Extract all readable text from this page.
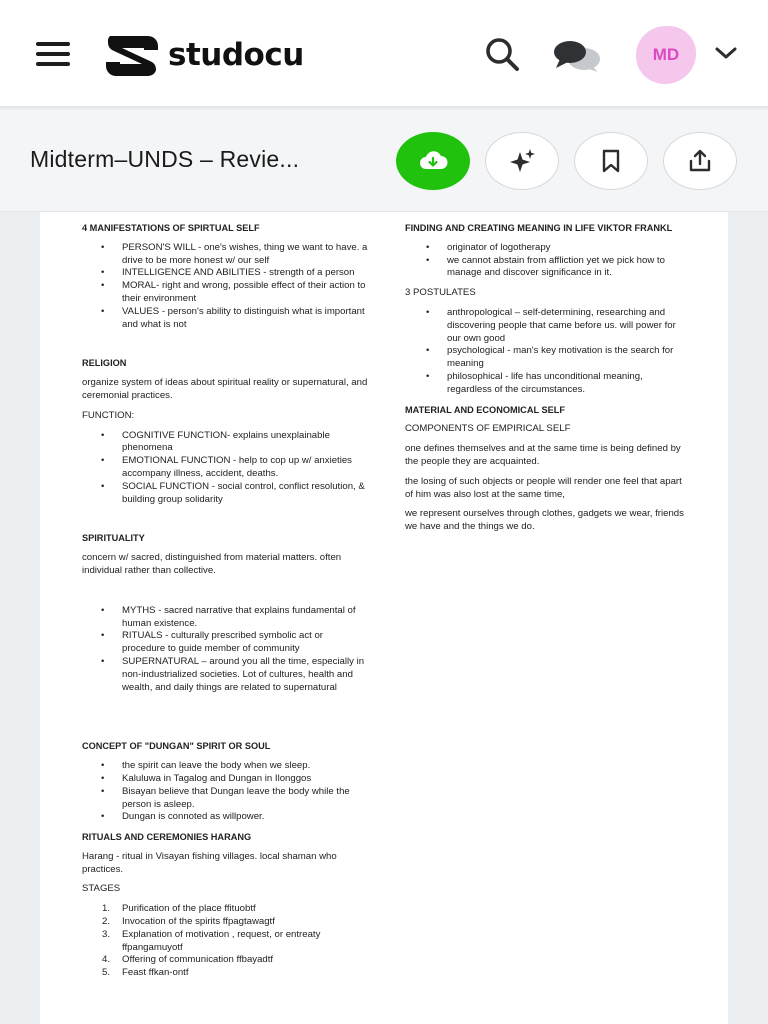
studocu	MD
Midterm–UNDS – Revie...
4 MANIFESTATIONS OF SPIRTUAL SELF
• PERSON'S WILL - one's wishes, thing we want to have. a drive to be more honest w/ our self
• INTELLIGENCE AND ABILITIES - strength of a person
• MORAL- right and wrong, possible effect of their action to their environment
• VALUES - person's ability to distinguish what is important and what is not
RELIGION
organize system of ideas about spiritual reality or supernatural, and ceremonial practices.
FUNCTION:
• COGNITIVE FUNCTION- explains unexplainable phenomena
• EMOTIONAL FUNCTION - help to cop up w/ anxieties accompany illness, accident, deaths.
• SOCIAL FUNCTION - social control, conflict resolution, & building group solidarity
SPIRITUALITY
concern w/ sacred, distinguished from material matters. often individual rather than collective.
• MYTHS - sacred narrative that explains fundamental of human existence.
• RITUALS - culturally prescribed symbolic act or procedure to guide member of community
• SUPERNATURAL – around you all the time, especially in non-industrialized societies. Lot of cultures, health and wealth, and daily things are related to supernatural
CONCEPT OF "DUNGAN" SPIRIT OR SOUL
• the spirit can leave the body when we sleep.
• Kaluluwa in Tagalog and Dungan in Ilonggos
• Bisayan believe that Dungan leave the body while the person is asleep.
• Dungan is connoted as willpower.
RITUALS AND CEREMONIES HARANG
Harang - ritual in Visayan fishing villages. local shaman who practices.
STAGES
1. Purification of the place ffituobtf
2. Invocation of the spirits ffpagtawagtf
3. Explanation of motivation , request, or entreaty ffpangamuyotf
4. Offering of communication ffbayadtf
5. Feast ffkan-ontf
FINDING AND CREATING MEANING IN LIFE VIKTOR FRANKL
• originator of logotherapy
• we cannot abstain from affliction yet we pick how to manage and discover significance in it.
3 POSTULATES
• anthropological – self-determining, researching and discovering people that came before us. will power for our own good
• psychological - man's key motivation is the search for meaning
• philosophical - life has unconditional meaning, regardless of the circumstances.
MATERIAL AND ECONOMICAL SELF
COMPONENTS OF EMPIRICAL SELF
one defines themselves and at the same time is being defined by the people they are acquainted.
the losing of such objects or people will render one feel that apart of him was also lost at the same time,
we represent ourselves through clothes, gadgets we wear, friends we have and the things we do.
